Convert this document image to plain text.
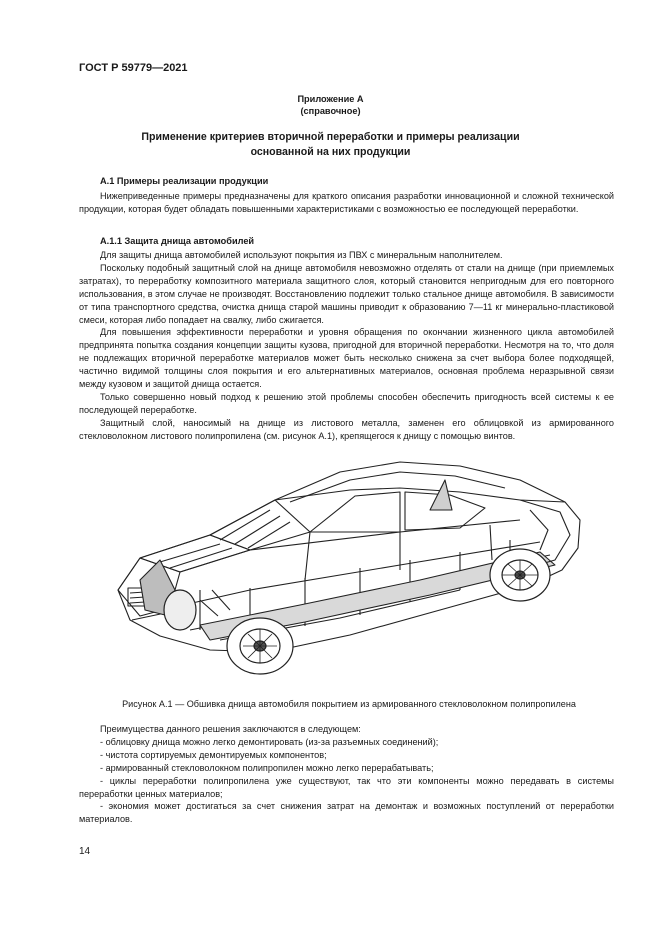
ГОСТ Р 59779—2021
Приложение А
(справочное)
Применение критериев вторичной переработки и примеры реализации
основанной на них продукции
А.1 Примеры реализации продукции

Нижеприведенные примеры предназначены для краткого описания разработки инновационной и сложной технической продукции, которая будет обладать повышенными характеристиками с возможностью ее последующей переработки.

А.1.1 Защита днища автомобилей

Для защиты днища автомобилей используют покрытия из ПВХ с минеральным наполнителем.

Поскольку подобный защитный слой на днище автомобиля невозможно отделять от стали на днище (при приемлемых затратах), то переработку композитного материала защитного слоя, который становится непригодным для его повторного использования, в этом случае не производят. Восстановлению подлежит только стальное днище автомобиля. В зависимости от типа транспортного средства, очистка днища старой машины приводит к образованию 7—11 кг минерально-пластиковой смеси, которая либо попадает на свалку, либо сжигается.

Для повышения эффективности переработки и уровня обращения по окончании жизненного цикла автомобилей предпринята попытка создания концепции защиты кузова, пригодной для вторичной переработки. Несмотря на то, что доля не подлежащих вторичной переработке материалов может быть несколько снижена за счет выбора более подходящей, частично видимой толщины слоя покрытия и его альтернативных материалов, основная проблема неразрывной связи между кузовом и защитой днища остается.

Только совершенно новый подход к решению этой проблемы способен обеспечить пригодность всей системы к ее последующей переработке.

Защитный слой, наносимый на днище из листового металла, заменен его облицовкой из армированного стекловолокном листового полипропилена (см. рисунок А.1), крепящегося к днищу с помощью винтов.

Рисунок А.1 — Обшивка днища автомобиля покрытием из армированного стекловолокном полипропилена

Преимущества данного решения заключаются в следующем:

- облицовку днища можно легко демонтировать (из-за разъемных соединений);

- чистота сортируемых демонтируемых компонентов;

- армированный стекловолокном полипропилен можно легко перерабатывать;

- циклы переработки полипропилена уже существуют, так что эти компоненты можно передавать в системы переработки ценных материалов;

- экономия может достигаться за счет снижения затрат на демонтаж и возможных поступлений от переработки материалов.

14
